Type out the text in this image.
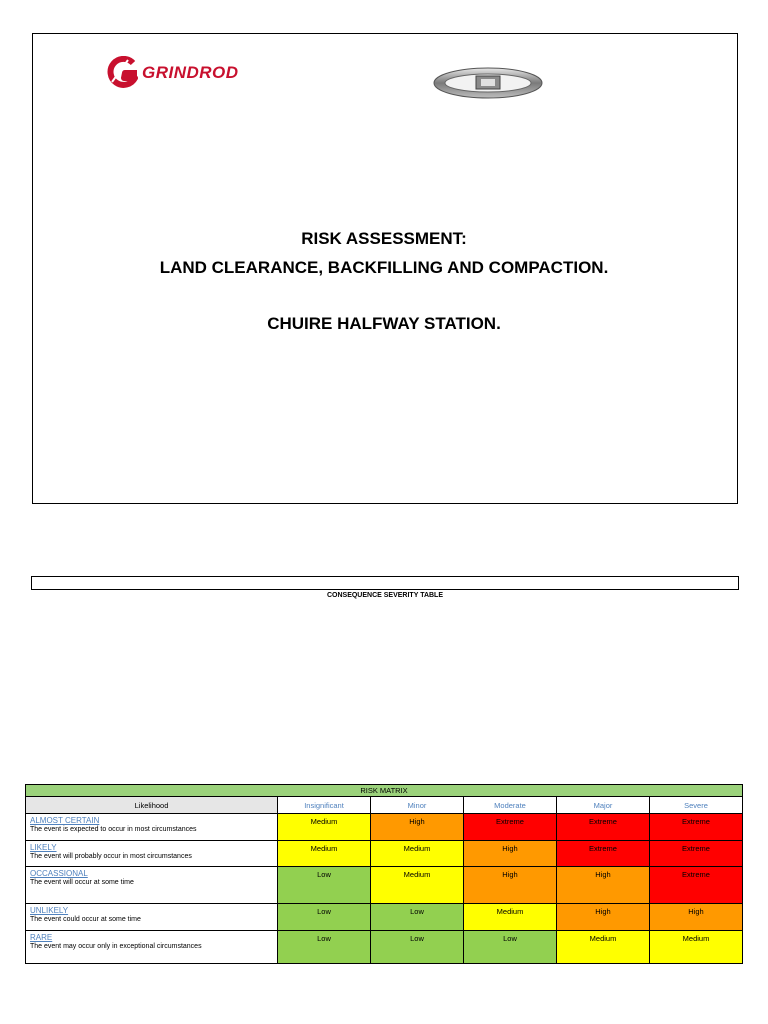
GRINDROD
RISK ASSESSMENT:
LAND CLEARANCE, BACKFILLING AND COMPACTION.
CHUIRE HALFWAY STATION.
CONSEQUENCE SEVERITY TABLE
RISK MATRIX					
Likelihood	Insignificant	Minor	Moderate	Major	Severe

ALMOST CERTAIN
The event is expected to occur in most circumstances	Medium	High	Extreme	Extreme	Extreme

LIKELY
The event will probably occur in most circumstances	Medium	Medium	High	Extreme	Extreme

OCCASSIONAL
The event will occur at some time	Low	Medium	High	High	Extreme

UNLIKELY
The event could occur at some time	Low	Low	Medium	High	High

RARE
The event may occur only in exceptional circumstances	Low	Low	Low	Medium	Medium
